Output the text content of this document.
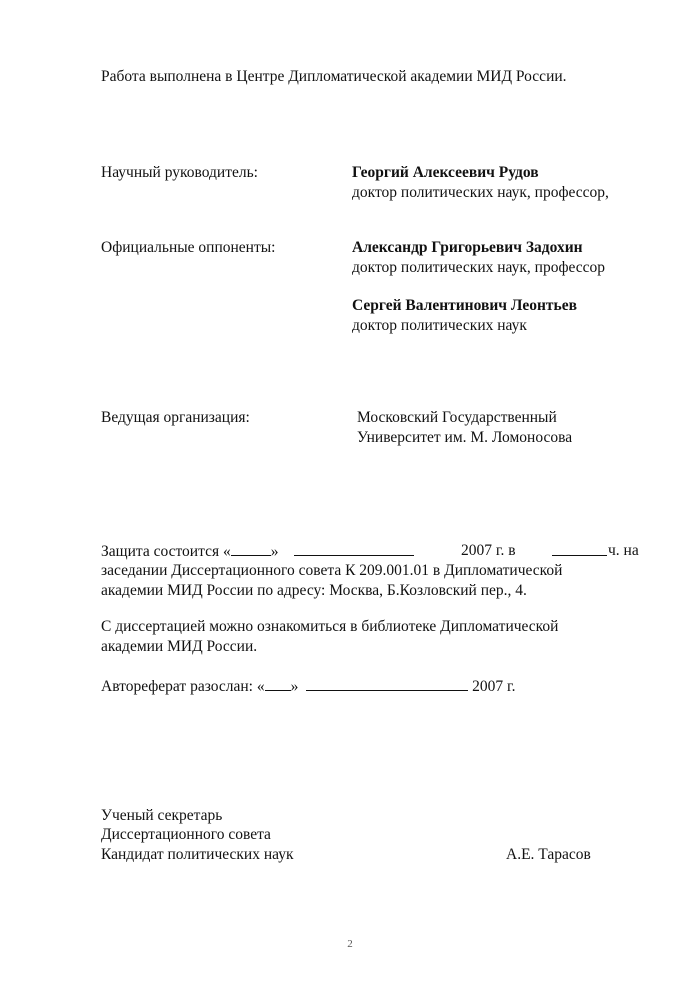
Работа выполнена в Центре Дипломатической академии МИД России.
Научный руководитель:	Георгий Алексеевич Рудов
доктор политических наук, профессор,
Официальные оппоненты:	Александр Григорьевич Задохин
доктор политических наук, профессор
Сергей Валентинович Леонтьев
доктор политических наук
Ведущая организация:	Московский Государственный
Университет им. М. Ломоносова
Защита состоится «	»	2007 г. в	ч. на
заседании Диссертационного совета К 209.001.01 в Дипломатической
академии МИД России по адресу: Москва, Б.Козловский пер., 4.
С диссертацией можно ознакомиться в библиотеке Дипломатической
академии МИД России.
Автореферат разослан: « »	2007 г.
Ученый секретарь
Диссертационного совета
Кандидат политических наук	А.Е. Тарасов
2
